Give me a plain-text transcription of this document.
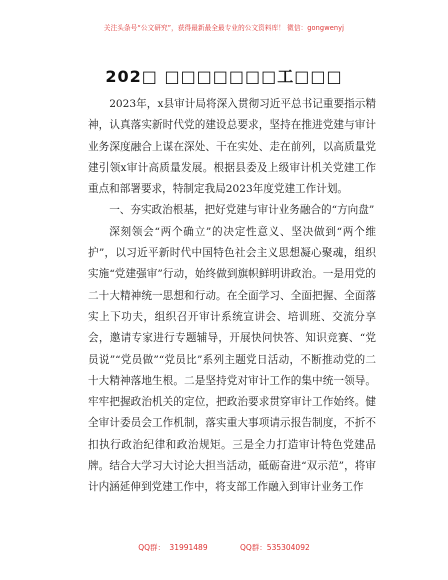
关注头条号“公文研究”，获得最新最全最专业的公文资料库！ 微信：gongwenyj
202□ □□□□□□□工□□□

2023年，x县审计局将深入贯彻习近平总书记重要指示精神，认真落实新时代党的建设总要求，坚持在推进党建与审计业务深度融合上谋在深处、干在实处、走在前列，以高质量党建引领x审计高质量发展。根据县委及上级审计机关党建工作重点和部署要求，特制定我局2023年度党建工作计划。

一、夯实政治根基，把好党建与审计业务融合的“方向盘”

深刻领会“两个确立”的决定性意义、坚决做到“两个维护”，以习近平新时代中国特色社会主义思想凝心聚魂，组织实施“党建强审”行动，始终做到旗帜鲜明讲政治。一是用党的二十大精神统一思想和行动。在全面学习、全面把握、全面落实上下功夫，组织召开审计系统宣讲会、培训班、交流分享会，邀请专家进行专题辅导，开展快问快答、知识竞赛、“党员说”“党员做”“党员比”系列主题党日活动，不断推动党的二十大精神落地生根。二是坚持党对审计工作的集中统一领导。牢牢把握政治机关的定位，把政治要求贯穿审计工作始终。健全审计委员会工作机制，落实重大事项请示报告制度，不折不扣执行政治纪律和政治规矩。三是全力打造审计特色党建品牌。结合大学习大讨论大担当活动，砥砺奋进“双示范”，将审计内涵延伸到党建工作中，将支部工作融入到审计业务工作

QQ群： 31991489	QQ群：535304092
